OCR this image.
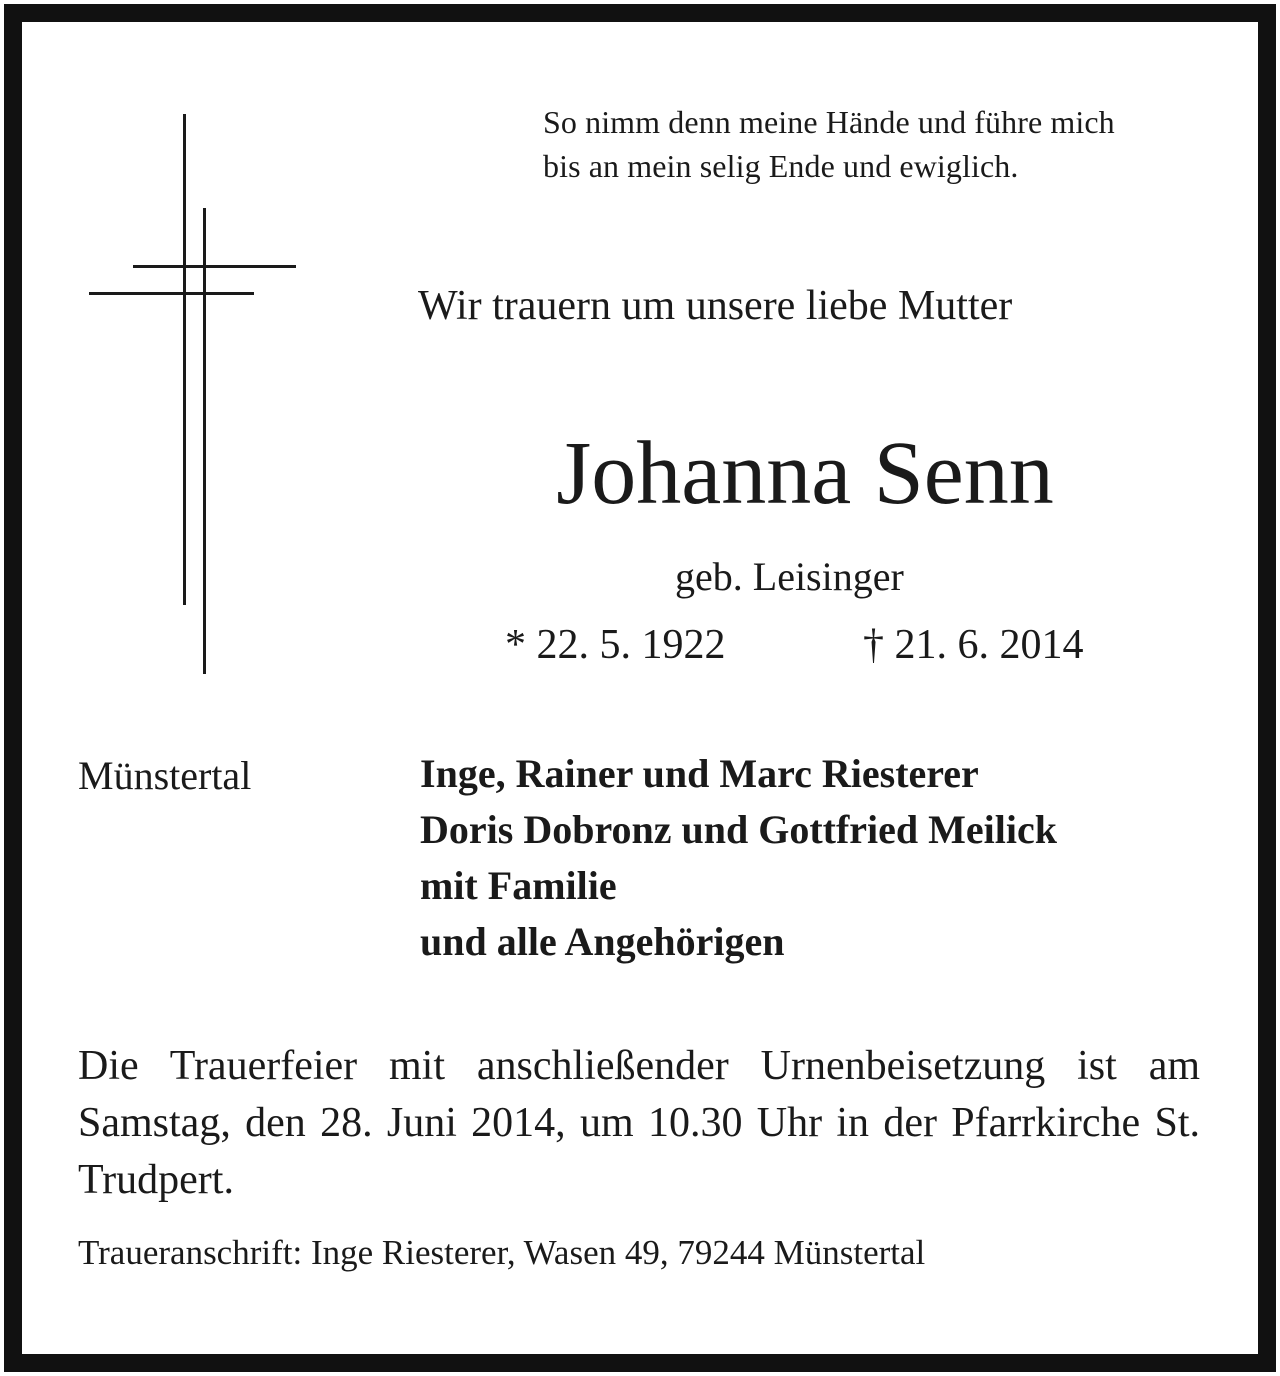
So nimm denn meine Hände und führe mich
bis an mein selig Ende und ewiglich.
Wir trauern um unsere liebe Mutter
Johanna Senn
geb. Leisinger
* 22. 5. 1922	† 21. 6. 2014
Münstertal	Inge, Rainer und Marc Riesterer
Doris Dobronz und Gottfried Meilick
mit Familie
und alle Angehörigen
Die Trauerfeier mit anschließender Urnenbeisetzung ist am Samstag, den 28. Juni 2014, um 10.30 Uhr in der Pfarrkirche St. Trudpert.
Traueranschrift: Inge Riesterer, Wasen 49, 79244 Münstertal
